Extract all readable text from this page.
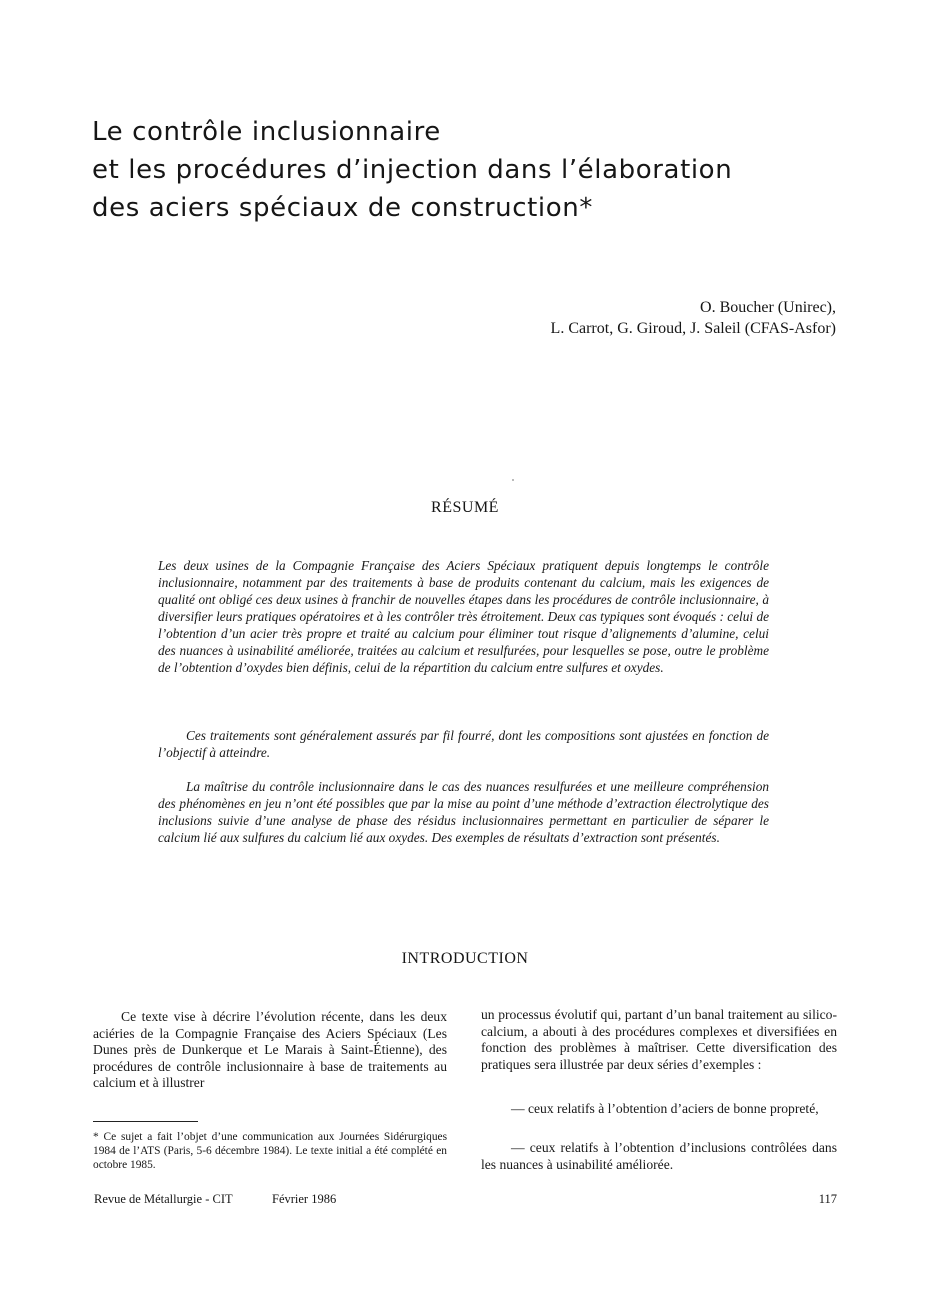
Le contrôle inclusionnaire
et les procédures d’injection dans l’élaboration
des aciers spéciaux de construction*
O. Boucher (Unirec),
L. Carrot, G. Giroud, J. Saleil (CFAS-Asfor)
RÉSUMÉ

Les deux usines de la Compagnie Française des Aciers Spéciaux pratiquent depuis longtemps le contrôle inclusionnaire, notamment par des traitements à base de produits contenant du calcium, mais les exigences de qualité ont obligé ces deux usines à franchir de nouvelles étapes dans les procédures de contrôle inclusionnaire, à diversifier leurs pratiques opératoires et à les contrôler très étroitement. Deux cas typiques sont évoqués : celui de l’obtention d’un acier très propre et traité au calcium pour éliminer tout risque d’alignements d’alumine, celui des nuances à usinabilité améliorée, traitées au calcium et resulfurées, pour lesquelles se pose, outre le problème de l’obtention d’oxydes bien définis, celui de la répartition du calcium entre sulfures et oxydes.

Ces traitements sont généralement assurés par fil fourré, dont les compositions sont ajustées en fonction de l’objectif à atteindre.

La maîtrise du contrôle inclusionnaire dans le cas des nuances resulfurées et une meilleure compréhension des phénomènes en jeu n’ont été possibles que par la mise au point d’une méthode d’extraction électrolytique des inclusions suivie d’une analyse de phase des résidus inclusionnaires permettant en particulier de séparer le calcium lié aux sulfures du calcium lié aux oxydes. Des exemples de résultats d’extraction sont présentés.

INTRODUCTION

Ce texte vise à décrire l’évolution récente, dans les deux aciéries de la Compagnie Française des Aciers Spéciaux (Les Dunes près de Dunkerque et Le Marais à Saint-Étienne), des procédures de contrôle inclusionnaire à base de traitements au calcium et à illustrer

un processus évolutif qui, partant d’un banal traitement au silico-calcium, a abouti à des procédures complexes et diversifiées en fonction des problèmes à maîtriser. Cette diversification des pratiques sera illustrée par deux séries d’exemples :

— ceux relatifs à l’obtention d’aciers de bonne propreté,

— ceux relatifs à l’obtention d’inclusions contrôlées dans les nuances à usinabilité améliorée.

* Ce sujet a fait l’objet d’une communication aux Journées Sidérurgiques 1984 de l’ATS (Paris, 5-6 décembre 1984). Le texte initial a été complété en octobre 1985.

Revue de Métallurgie - CIT	Février 1986	117
